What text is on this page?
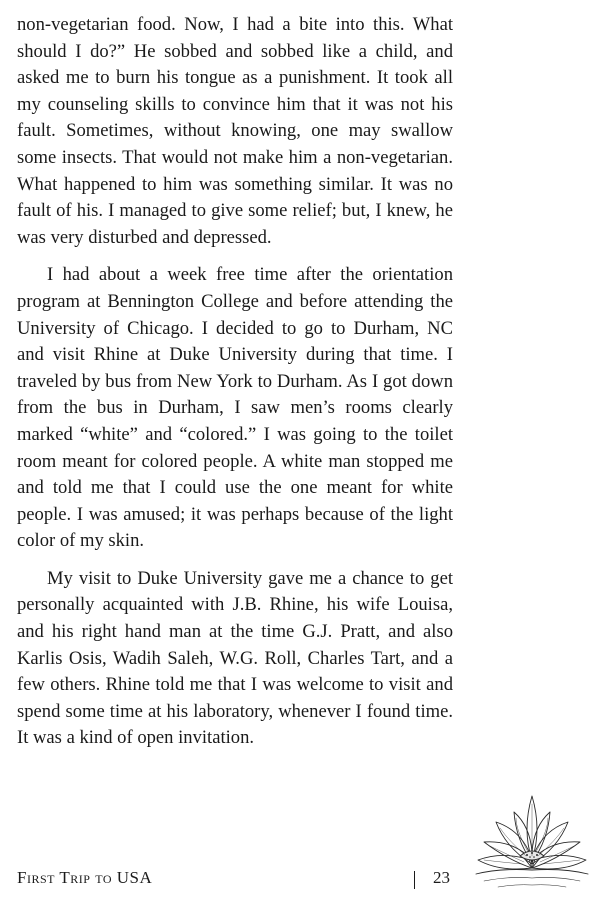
non-vegetarian food. Now, I had a bite into this. What should I do?” He sobbed and sobbed like a child, and asked me to burn his tongue as a punishment. It took all my counseling skills to convince him that it was not his fault. Sometimes, without knowing, one may swallow some insects. That would not make him a non-vegetarian. What happened to him was something similar. It was no fault of his. I managed to give some relief; but, I knew, he was very disturbed and depressed.

I had about a week free time after the orientation program at Bennington College and before attending the University of Chicago. I decided to go to Durham, NC and visit Rhine at Duke University during that time. I traveled by bus from New York to Durham. As I got down from the bus in Durham, I saw men’s rooms clearly marked “white” and “colored.” I was going to the toilet room meant for colored people. A white man stopped me and told me that I could use the one meant for white people. I was amused; it was perhaps because of the light color of my skin.

My visit to Duke University gave me a chance to get personally acquainted with J.B. Rhine, his wife Louisa, and his right hand man at the time G.J. Pratt, and also Karlis Osis, Wadih Saleh, W.G. Roll, Charles Tart, and a few others. Rhine told me that I was welcome to visit and spend some time at his laboratory, whenever I found time. It was a kind of open invitation.

First Trip to USA	23
